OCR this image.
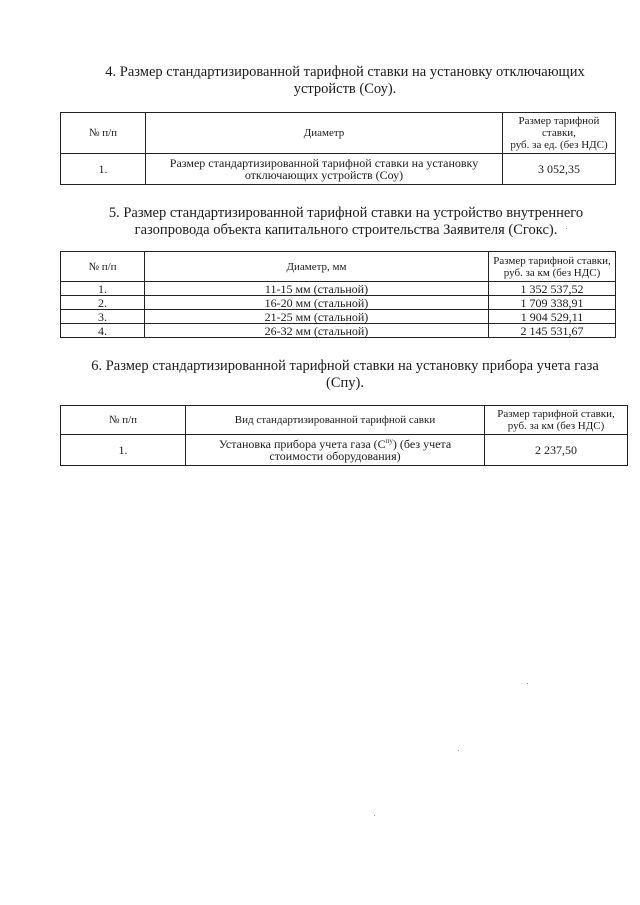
4. Размер стандартизированной тарифной ставки на установку отключающих
устройств (Соу).
№ п/п	Диаметр	Размер тарифной
ставки,
руб. за ед. (без НДС)

1.	Размер стандартизированной тарифной ставки на установку
отключающих устройств (Соу)	3 052,35
5. Размер стандартизированной тарифной ставки на устройство внутреннего
газопровода объекта капитального строительства Заявителя (Сгокс).
№ п/п	Диаметр, мм	Размер тарифной ставки,
руб. за км (без НДС)

1.	11-15 мм (стальной)	1 352 537,52
2.	16-20 мм (стальной)	1 709 338,91
3.	21-25 мм (стальной)	1 904 529,11
4.	26-32 мм (стальной)	2 145 531,67
6. Размер стандартизированной тарифной ставки на установку прибора учета газа
(Спу).
№ п/п	Вид стандартизированной тарифной савки	Размер тарифной ставки,
руб. за км (без НДС)

1.	Установка прибора учета газа $(С^{пу})$ (без учета
стоимости оборудования)	2 237,50
